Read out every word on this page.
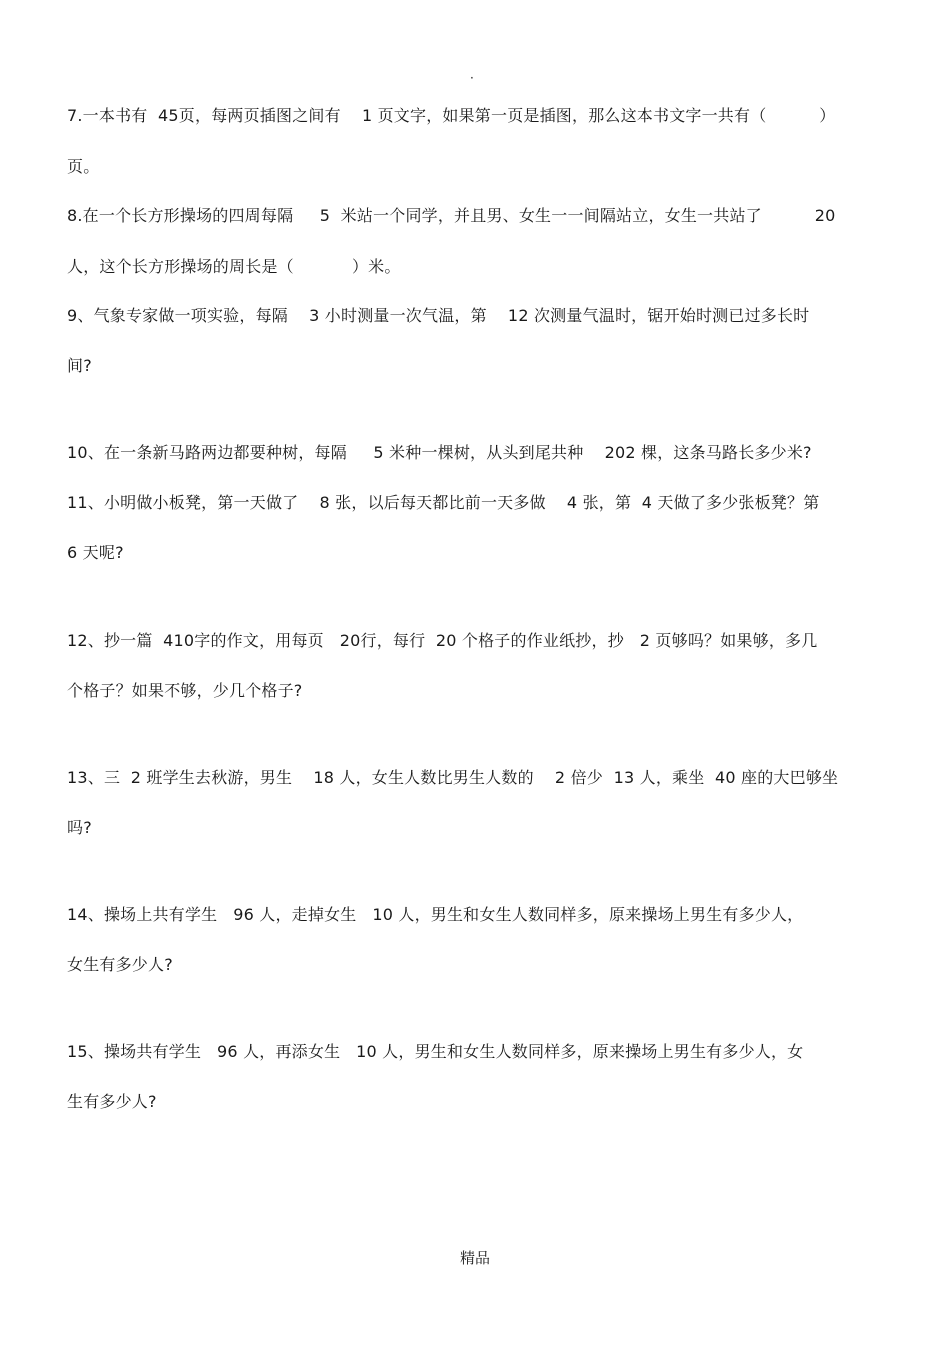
·
7.一本书有  45页，每两页插图之间有    1 页文字，如果第一页是插图，那么这本书文字一共有（          ）
页。
8.在一个长方形操场的四周每隔     5  米站一个同学，并且男、女生一一间隔站立，女生一共站了          20
人，这个长方形操场的周长是（           ）米。
9、气象专家做一项实验，每隔    3 小时测量一次气温，第    12 次测量气温时，锯开始时测已过多长时
间?
10、在一条新马路两边都要种树，每隔     5 米种一棵树，从头到尾共种    202 棵，这条马路长多少米?
11、小明做小板凳，第一天做了    8 张，以后每天都比前一天多做    4 张，第  4 天做了多少张板凳？第
6 天呢?
12、抄一篇  410字的作文，用每页   20行，每行  20 个格子的作业纸抄，抄   2 页够吗？如果够，多几
个格子？如果不够，少几个格子?
13、三  2 班学生去秋游，男生    18 人，女生人数比男生人数的    2 倍少  13 人，乘坐  40 座的大巴够坐
吗?
14、操场上共有学生   96 人，走掉女生   10 人，男生和女生人数同样多，原来操场上男生有多少人，
女生有多少人?
15、操场共有学生   96 人，再添女生   10 人，男生和女生人数同样多，原来操场上男生有多少人，女
生有多少人?
精品
